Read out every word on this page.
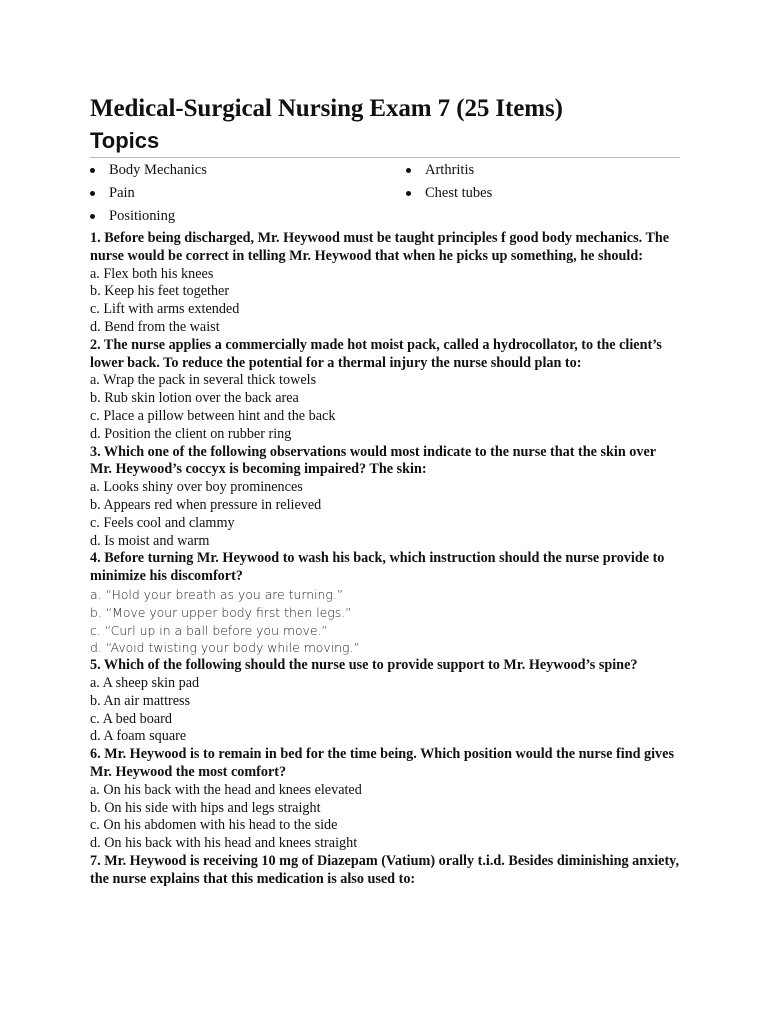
Medical-Surgical Nursing Exam 7 (25 Items)
Topics
Body Mechanics	Arthritis
Pain	Chest tubes
Positioning

1. Before being discharged, Mr. Heywood must be taught principles f good body mechanics. The nurse would be correct in telling Mr. Heywood that when he picks up something, he should:

a. Flex both his knees

b. Keep his feet together

c. Lift with arms extended

d. Bend from the waist

2. The nurse applies a commercially made hot moist pack, called a hydrocollator, to the client’s lower back. To reduce the potential for a thermal injury the nurse should plan to:

a. Wrap the pack in several thick towels

b. Rub skin lotion over the back area

c. Place a pillow between hint and the back

d. Position the client on rubber ring

3. Which one of the following observations would most indicate to the nurse that the skin over Mr. Heywood’s coccyx is becoming impaired? The skin:

a. Looks shiny over boy prominences

b. Appears red when pressure in relieved

c. Feels cool and clammy

d. Is moist and warm

4. Before turning Mr. Heywood to wash his back, which instruction should the nurse provide to minimize his discomfort?

a. “Hold your breath as you are turning.”

b. “Move your upper body first then legs.”

c. “Curl up in a ball before you move.”

d. “Avoid twisting your body while moving.”

5. Which of the following should the nurse use to provide support to Mr. Heywood’s spine?

a. A sheep skin pad

b. An air mattress

c. A bed board

d. A foam square

6. Mr. Heywood is to remain in bed for the time being. Which position would the nurse find gives Mr. Heywood the most comfort?

a. On his back with the head and knees elevated

b. On his side with hips and legs straight

c. On his abdomen with his head to the side

d. On his back with his head and knees straight

7. Mr. Heywood is receiving 10 mg of Diazepam (Vatium) orally t.i.d. Besides diminishing anxiety, the nurse explains that this medication is also used to:
